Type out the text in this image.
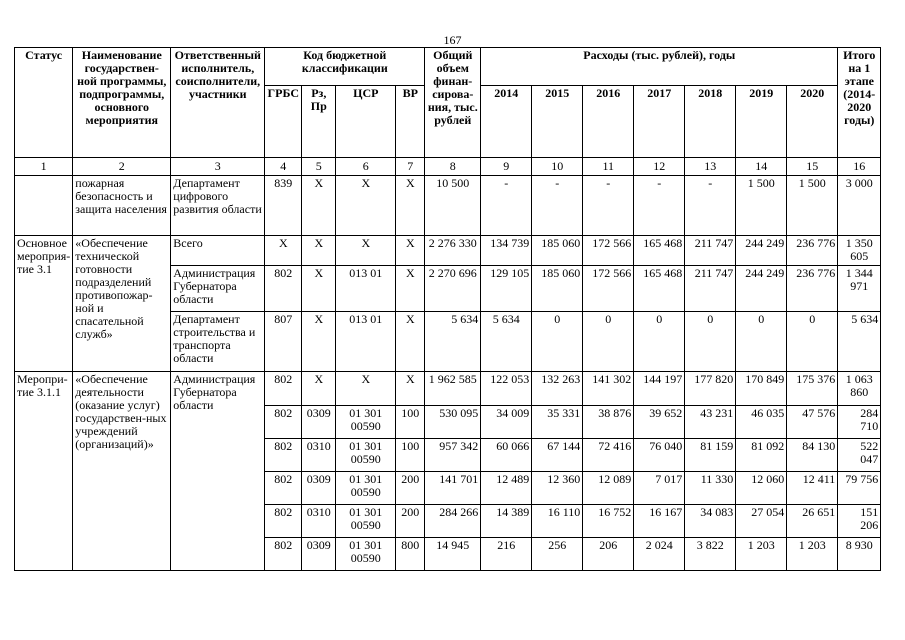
167
Статус	Наименование государствен-ной программы, подпрограммы, основного мероприятия	Ответственный исполнитель, соисполнители, участники	Код бюджетной классификации				Общий объем финан-сирова-ния, тыс. рублей	Расходы (тыс. рублей), годы							Итого на 1 этапе (2014-2020 годы)
			ГРБС	Рз, Пр	ЦСР	ВР		2014	2015	2016	2017	2018	2019	2020	
1	2	3	4	5	6	7	8	9	10	11	12	13	14	15	16
	пожарная безопасность и защита населения	Департамент цифрового развития области	839	Х	Х	Х	10 500	-	-	-	-	-	1 500	1 500	3 000
Основное мероприя-тие 3.1	«Обеспечение технической готовности подразделений противопожар-ной и спасательной служб»	Всего	Х	Х	Х	Х	2 276 330	134 739	185 060	172 566	165 468	211 747	244 249	236 776	1 350 605
		Администрация Губернатора области	802	Х	013 01	Х	2 270 696	129 105	185 060	172 566	165 468	211 747	244 249	236 776	1 344 971
		Департамент строительства и транспорта области	807	Х	013 01	Х	5 634	5 634	0	0	0	0	0	0	5 634
Меропри-тие 3.1.1	«Обеспечение деятельности (оказание услуг) государствен-ных учреждений (организаций)»	Администрация Губернатора области	802	Х	Х	Х	1 962 585	122 053	132 263	141 302	144 197	177 820	170 849	175 376	1 063 860
			802	0309	01 301 00590	100	530 095	34 009	35 331	38 876	39 652	43 231	46 035	47 576	284 710
			802	0310	01 301 00590	100	957 342	60 066	67 144	72 416	76 040	81 159	81 092	84 130	522 047
			802	0309	01 301 00590	200	141 701	12 489	12 360	12 089	7 017	11 330	12 060	12 411	79 756
			802	0310	01 301 00590	200	284 266	14 389	16 110	16 752	16 167	34 083	27 054	26 651	151 206
			802	0309	01 301 00590	800	14 945	216	256	206	2 024	3 822	1 203	1 203	8 930
